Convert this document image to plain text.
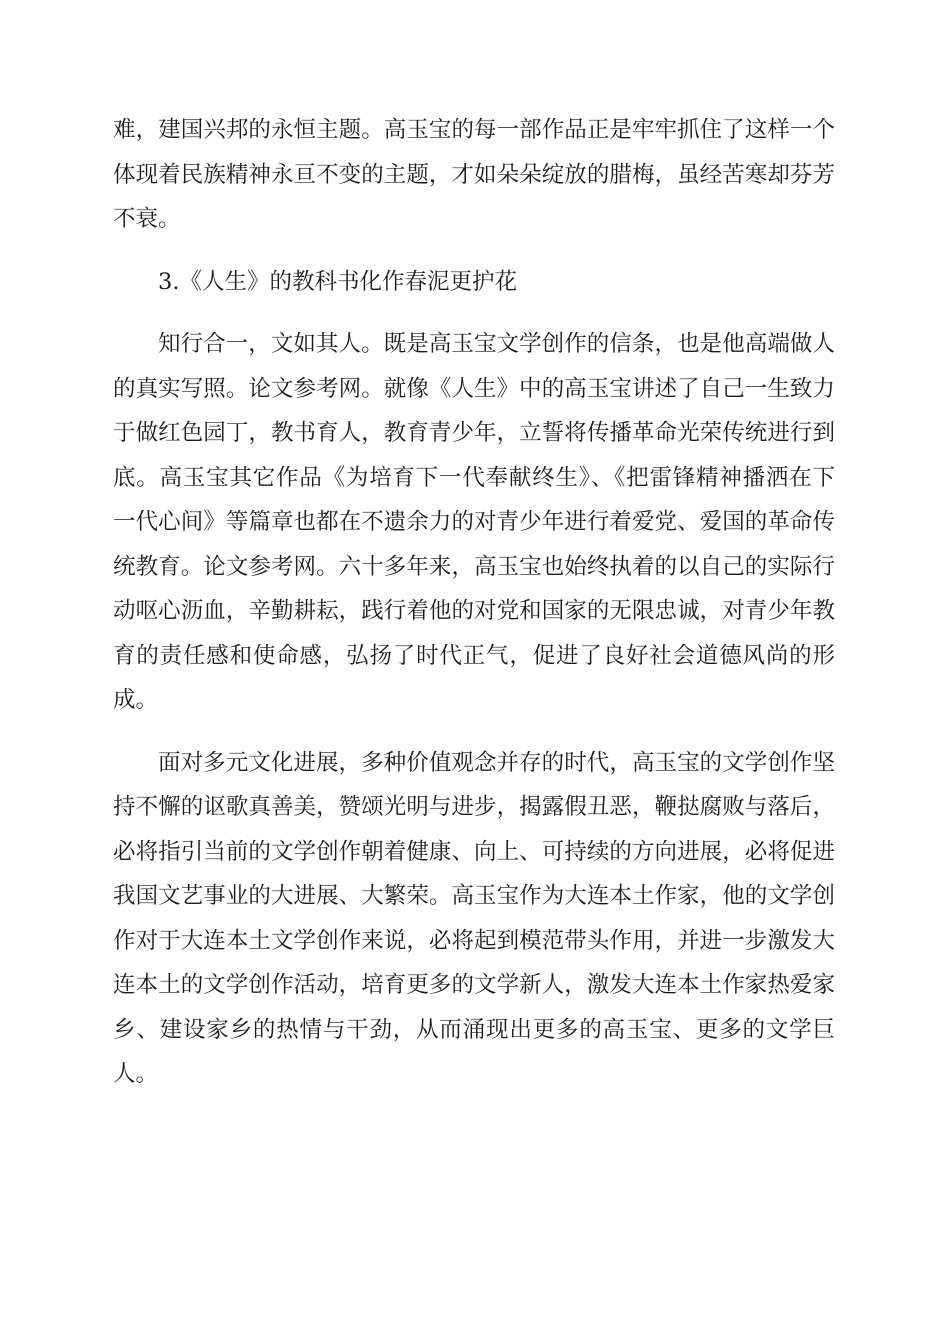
难，建国兴邦的永恒主题。高玉宝的每一部作品正是牢牢抓住了这样一个
体现着民族精神永亘不变的主题，才如朵朵绽放的腊梅，虽经苦寒却芬芳
不衰。
3.《人生》的教科书化作春泥更护花
知行合一，文如其人。既是高玉宝文学创作的信条，也是他高端做人
的真实写照。论文参考网。就像《人生》中的高玉宝讲述了自己一生致力
于做红色园丁，教书育人，教育青少年，立誓将传播革命光荣传统进行到
底。高玉宝其它作品《为培育下一代奉献终生》、《把雷锋精神播洒在下
一代心间》等篇章也都在不遗余力的对青少年进行着爱党、爱国的革命传
统教育。论文参考网。六十多年来，高玉宝也始终执着的以自己的实际行
动呕心沥血，辛勤耕耘，践行着他的对党和国家的无限忠诚，对青少年教
育的责任感和使命感，弘扬了时代正气，促进了良好社会道德风尚的形
成。
面对多元文化进展，多种价值观念并存的时代，高玉宝的文学创作坚
持不懈的讴歌真善美，赞颂光明与进步，揭露假丑恶，鞭挞腐败与落后，
必将指引当前的文学创作朝着健康、向上、可持续的方向进展，必将促进
我国文艺事业的大进展、大繁荣。高玉宝作为大连本土作家，他的文学创
作对于大连本土文学创作来说，必将起到模范带头作用，并进一步激发大
连本土的文学创作活动，培育更多的文学新人，激发大连本土作家热爱家
乡、建设家乡的热情与干劲，从而涌现出更多的高玉宝、更多的文学巨
人。
